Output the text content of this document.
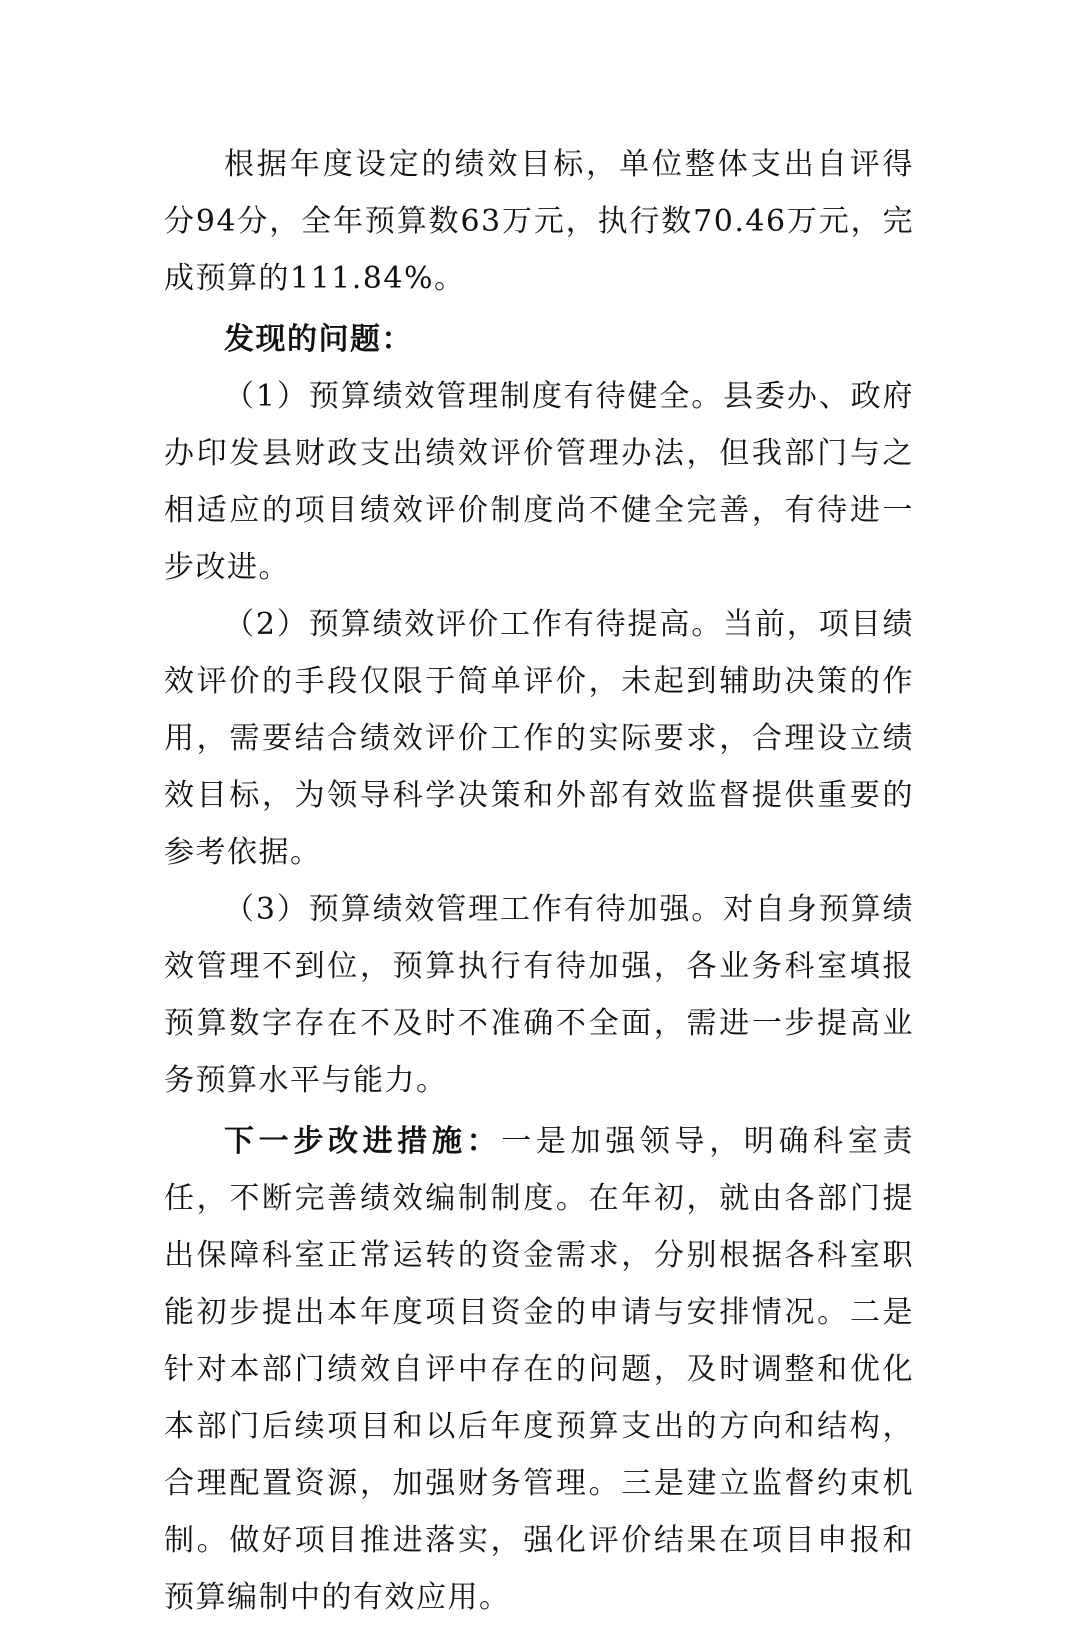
根据年度设定的绩效目标，单位整体支出自评得分94分，全年预算数63万元，执行数70.46万元，完成预算的111.84%。

发现的问题：

（1）预算绩效管理制度有待健全。县委办、政府办印发县财政支出绩效评价管理办法，但我部门与之相适应的项目绩效评价制度尚不健全完善，有待进一步改进。

（2）预算绩效评价工作有待提高。当前，项目绩效评价的手段仅限于简单评价，未起到辅助决策的作用，需要结合绩效评价工作的实际要求，合理设立绩效目标，为领导科学决策和外部有效监督提供重要的参考依据。

（3）预算绩效管理工作有待加强。对自身预算绩效管理不到位，预算执行有待加强，各业务科室填报预算数字存在不及时不准确不全面，需进一步提高业务预算水平与能力。

下一步改进措施：一是加强领导，明确科室责任，不断完善绩效编制制度。在年初，就由各部门提出保障科室正常运转的资金需求，分别根据各科室职能初步提出本年度项目资金的申请与安排情况。二是针对本部门绩效自评中存在的问题，及时调整和优化本部门后续项目和以后年度预算支出的方向和结构，合理配置资源，加强财务管理。三是建立监督约束机制。做好项目推进落实，强化评价结果在项目申报和预算编制中的有效应用。
